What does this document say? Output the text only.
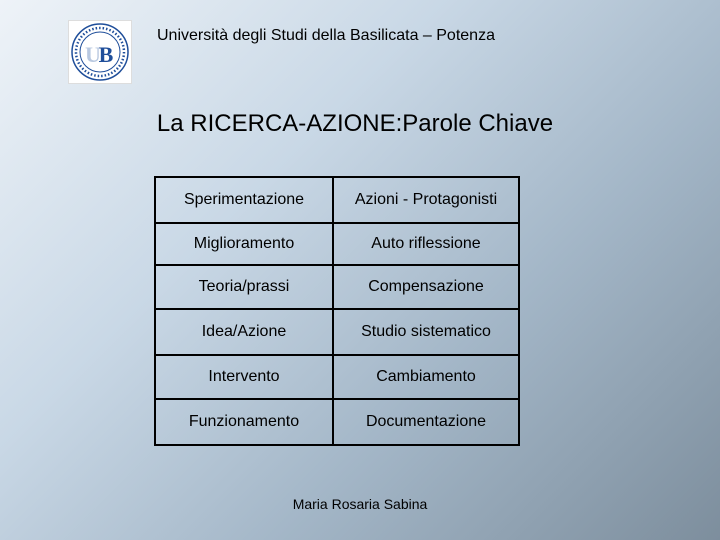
U
B
Università degli Studi della Basilicata – Potenza
La RICERCA-AZIONE:Parole Chiave
Sperimentazione	Azioni - Protagonisti
Miglioramento	Auto riflessione
Teoria/prassi	Compensazione
Idea/Azione	Studio sistematico
Intervento	Cambiamento
Funzionamento	Documentazione
Maria Rosaria Sabina
